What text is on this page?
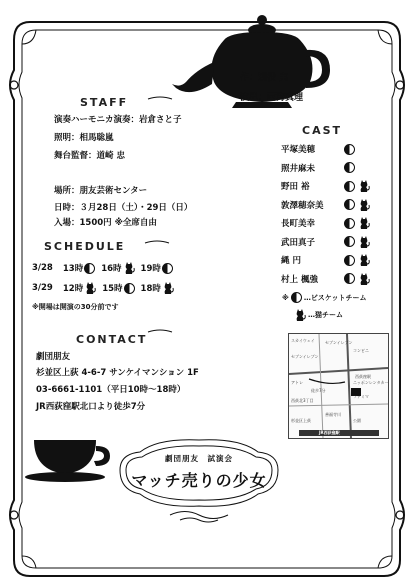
作：別役 実
演出：西海真理
STAFF
演奏ハーモニカ演奏：岩倉さと子
照明：相馬聡嵐
舞台監督：道崎 忠
場所：朋友芸術センター
日時：３月28日（土）・29日（日）
入場：1500円 ※全席自由
SCHEDULE
3/28 13時 16時 19時
3/29 12時 15時 18時
※開場は開演の30分前です
CONTACT
劇団朋友
杉並区上荻 4-6-7 サンケイマンション 1F
03-6661-1101（平日10時～18時）
JR西荻窪駅北口より徒歩7分
CAST
平塚美穂
照井麻未
野田 裕
敦澤穂奈美
長町美幸
武田真子
縄 円
村上 楓強
※ …ビスケットチーム
…猫チーム
スカイウェイ	セブンイレブン
セブンイレブン
コンビニ
西荻窪駅
ニッポンレンタカー
アトレ
徒歩7分
ファミマ
西荻北3丁目
善福寺川
杉並区上荻	公園
JR西荻窪駅
劇団朋友　試演会
マッチ売りの少女
